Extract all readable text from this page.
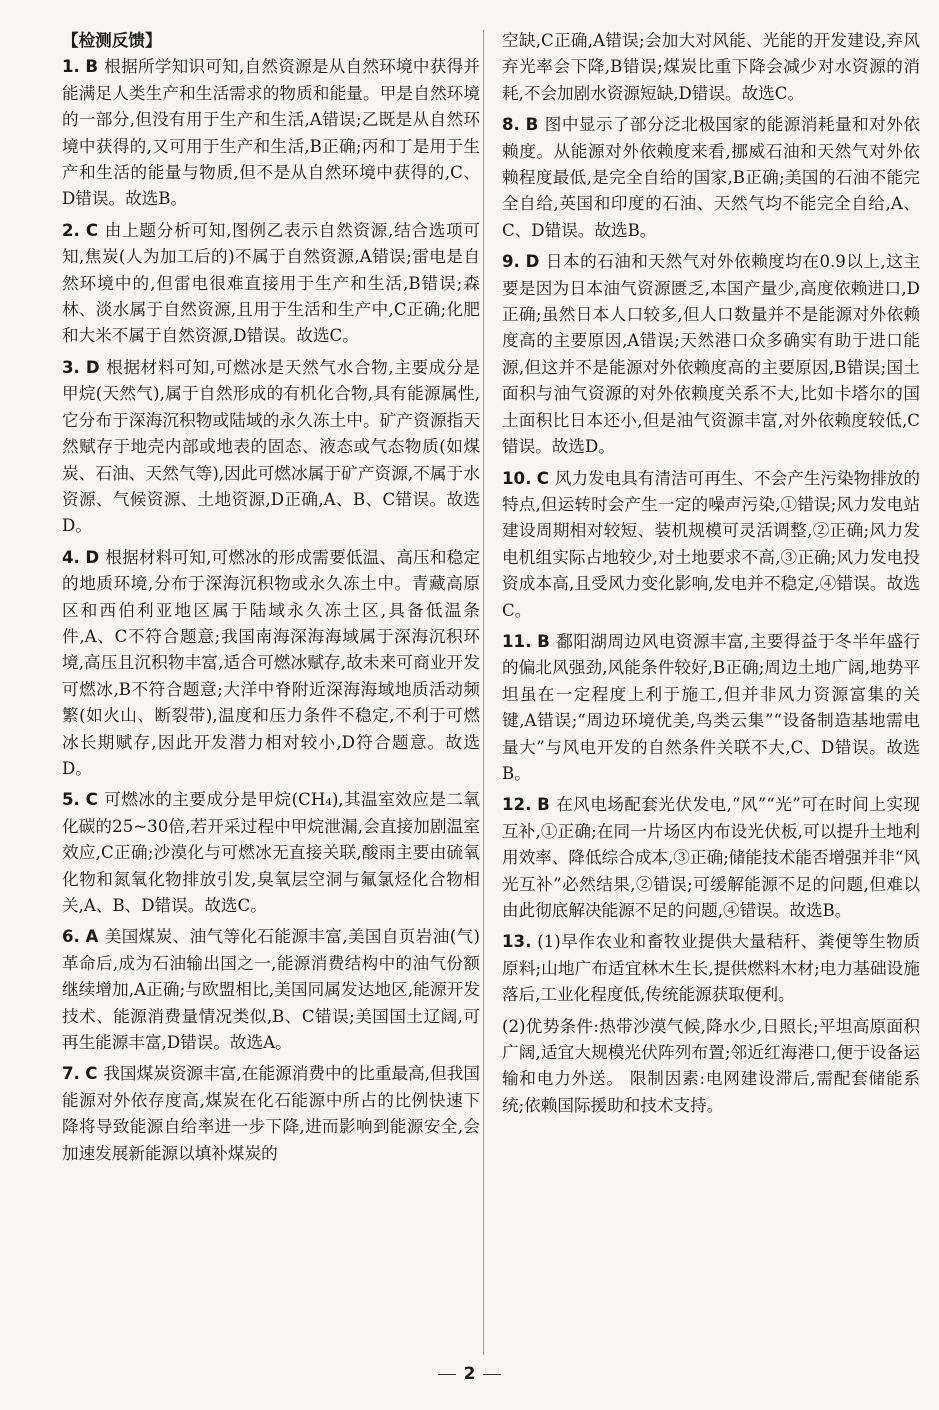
【检测反馈】
1. B 根据所学知识可知,自然资源是从自然环境中获得并能满足人类生产和生活需求的物质和能量。甲是自然环境的一部分,但没有用于生产和生活,A错误;乙既是从自然环境中获得的,又可用于生产和生活,B正确;丙和丁是用于生产和生活的能量与物质,但不是从自然环境中获得的,C、D错误。故选B。
2. C 由上题分析可知,图例乙表示自然资源,结合选项可知,焦炭(人为加工后的)不属于自然资源,A错误;雷电是自然环境中的,但雷电很难直接用于生产和生活,B错误;森林、淡水属于自然资源,且用于生活和生产中,C正确;化肥和大米不属于自然资源,D错误。故选C。
3. D 根据材料可知,可燃冰是天然气水合物,主要成分是甲烷(天然气),属于自然形成的有机化合物,具有能源属性,它分布于深海沉积物或陆域的永久冻土中。矿产资源指天然赋存于地壳内部或地表的固态、液态或气态物质(如煤炭、石油、天然气等),因此可燃冰属于矿产资源,不属于水资源、气候资源、土地资源,D正确,A、B、C错误。故选D。
4. D 根据材料可知,可燃冰的形成需要低温、高压和稳定的地质环境,分布于深海沉积物或永久冻土中。青藏高原区和西伯利亚地区属于陆域永久冻土区,具备低温条件,A、C不符合题意;我国南海深海海域属于深海沉积环境,高压且沉积物丰富,适合可燃冰赋存,故未来可商业开发可燃冰,B不符合题意;大洋中脊附近深海海域地质活动频繁(如火山、断裂带),温度和压力条件不稳定,不利于可燃冰长期赋存,因此开发潜力相对较小,D符合题意。故选D。
5. C 可燃冰的主要成分是甲烷(CH₄),其温室效应是二氧化碳的25~30倍,若开采过程中甲烷泄漏,会直接加剧温室效应,C正确;沙漠化与可燃冰无直接关联,酸雨主要由硫氧化物和氮氧化物排放引发,臭氧层空洞与氟氯烃化合物相关,A、B、D错误。故选C。
6. A 美国煤炭、油气等化石能源丰富,美国自页岩油(气)革命后,成为石油输出国之一,能源消费结构中的油气份额继续增加,A正确;与欧盟相比,美国同属发达地区,能源开发技术、能源消费量情况类似,B、C错误;美国国土辽阔,可再生能源丰富,D错误。故选A。
7. C 我国煤炭资源丰富,在能源消费中的比重最高,但我国能源对外依存度高,煤炭在化石能源中所占的比例快速下降将导致能源自给率进一步下降,进而影响到能源安全,会加速发展新能源以填补煤炭的
空缺,C正确,A错误;会加大对风能、光能的开发建设,弃风弃光率会下降,B错误;煤炭比重下降会减少对水资源的消耗,不会加剧水资源短缺,D错误。故选C。
8. B 图中显示了部分泛北极国家的能源消耗量和对外依赖度。从能源对外依赖度来看,挪威石油和天然气对外依赖程度最低,是完全自给的国家,B正确;美国的石油不能完全自给,英国和印度的石油、天然气均不能完全自给,A、C、D错误。故选B。
9. D 日本的石油和天然气对外依赖度均在0.9以上,这主要是因为日本油气资源匮乏,本国产量少,高度依赖进口,D正确;虽然日本人口较多,但人口数量并不是能源对外依赖度高的主要原因,A错误;天然港口众多确实有助于进口能源,但这并不是能源对外依赖度高的主要原因,B错误;国土面积与油气资源的对外依赖度关系不大,比如卡塔尔的国土面积比日本还小,但是油气资源丰富,对外依赖度较低,C错误。故选D。
10. C 风力发电具有清洁可再生、不会产生污染物排放的特点,但运转时会产生一定的噪声污染,①错误;风力发电站建设周期相对较短、装机规模可灵活调整,②正确;风力发电机组实际占地较少,对土地要求不高,③正确;风力发电投资成本高,且受风力变化影响,发电并不稳定,④错误。故选C。
11. B 鄱阳湖周边风电资源丰富,主要得益于冬半年盛行的偏北风强劲,风能条件较好,B正确;周边土地广阔,地势平坦虽在一定程度上利于施工,但并非风力资源富集的关键,A错误;“周边环境优美,鸟类云集”“设备制造基地需电量大”与风电开发的自然条件关联不大,C、D错误。故选B。
12. B 在风电场配套光伏发电,“风”“光”可在时间上实现互补,①正确;在同一片场区内布设光伏板,可以提升土地利用效率、降低综合成本,③正确;储能技术能否增强并非“风光互补”必然结果,②错误;可缓解能源不足的问题,但难以由此彻底解决能源不足的问题,④错误。故选B。
13. (1)早作农业和畜牧业提供大量秸秆、粪便等生物质原料;山地广布适宜林木生长,提供燃料木材;电力基础设施落后,工业化程度低,传统能源获取便利。
(2)优势条件:热带沙漠气候,降水少,日照长;平坦高原面积广阔,适宜大规模光伏阵列布置;邻近红海港口,便于设备运输和电力外送。 限制因素:电网建设滞后,需配套储能系统;依赖国际援助和技术支持。
2
